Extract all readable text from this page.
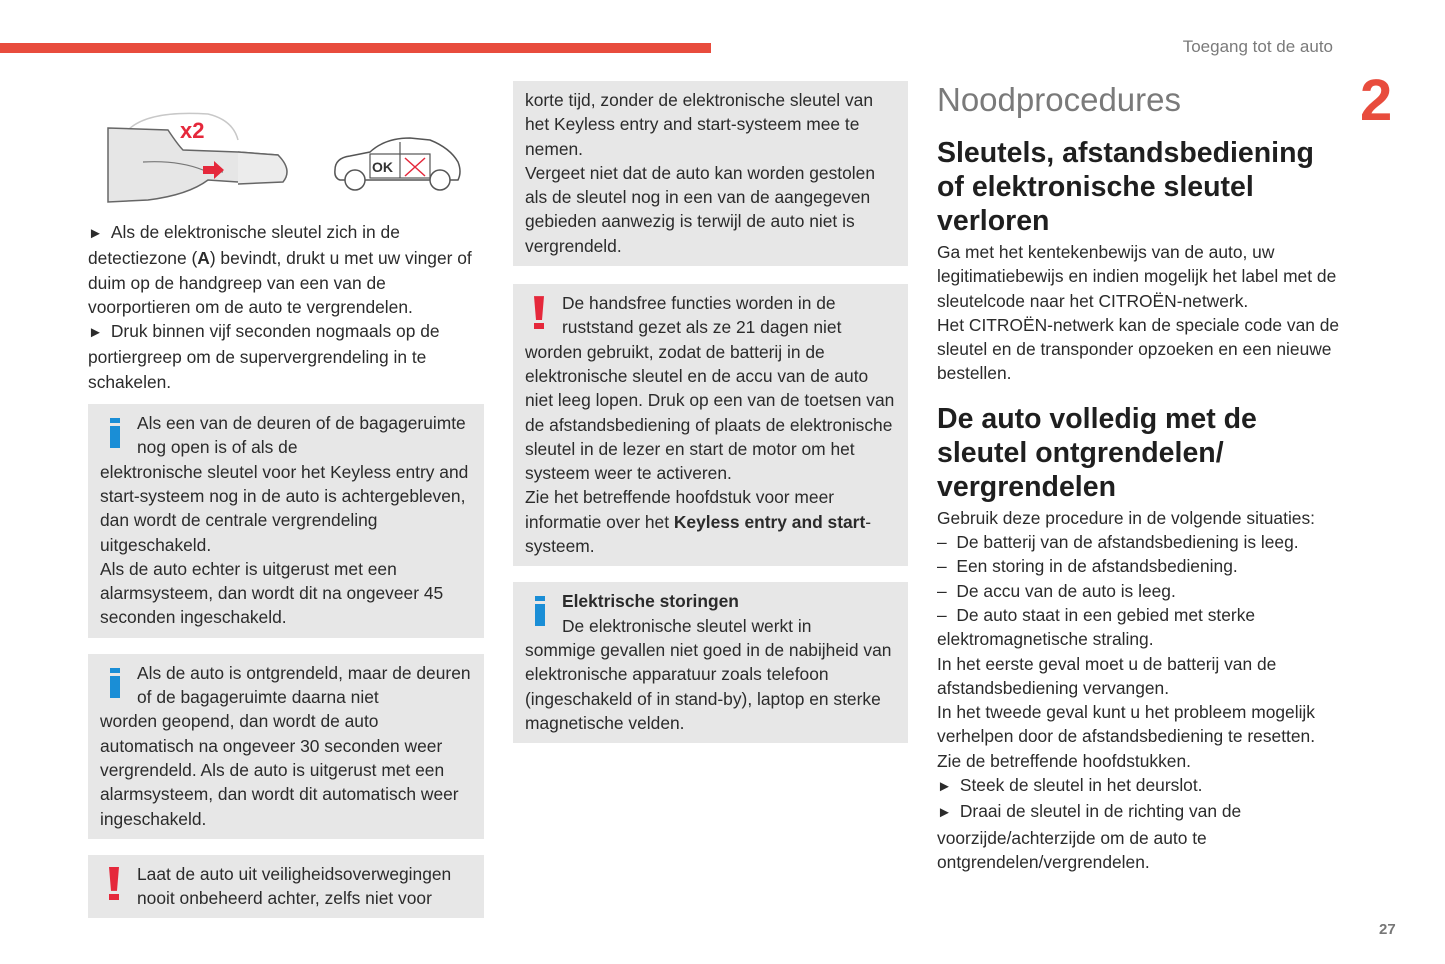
Toegang tot de auto
2
27
x2
OK

► Als de elektronische sleutel zich in de detectiezone (A) bevindt, drukt u met uw vinger of duim op de handgreep van een van de voorportieren om de auto te vergrendelen.

► Druk binnen vijf seconden nogmaals op de portiergreep om de supervergrendeling in te schakelen.

Als een van de deuren of de bagageruimte nog open is of als de

elektronische sleutel voor het Keyless entry and start-systeem nog in de auto is achtergebleven, dan wordt de centrale vergrendeling uitgeschakeld.

Als de auto echter is uitgerust met een alarmsysteem, dan wordt dit na ongeveer 45 seconden ingeschakeld.

Als de auto is ontgrendeld, maar de deuren of de bagageruimte daarna niet

worden geopend, dan wordt de auto automatisch na ongeveer 30 seconden weer vergrendeld. Als de auto is uitgerust met een alarmsysteem, dan wordt dit automatisch weer ingeschakeld.

Laat de auto uit veiligheidsoverwegingen nooit onbeheerd achter, zelfs niet voor

korte tijd, zonder de elektronische sleutel van het Keyless entry and start-systeem mee te nemen.

Vergeet niet dat de auto kan worden gestolen als de sleutel nog in een van de aangegeven gebieden aanwezig is terwijl de auto niet is vergrendeld.

De handsfree functies worden in de ruststand gezet als ze 21 dagen niet

worden gebruikt, zodat de batterij in de elektronische sleutel en de accu van de auto niet leeg lopen. Druk op een van de toetsen van de afstandsbediening of plaats de elektronische sleutel in de lezer en start de motor om het systeem weer te activeren.

Zie het betreffende hoofdstuk voor meer informatie over het Keyless entry and start-systeem.

Elektrische storingen

De elektronische sleutel werkt in

sommige gevallen niet goed in de nabijheid van elektronische apparatuur zoals telefoon (ingeschakeld of in stand-by), laptop en sterke magnetische velden.

Noodprocedures
Sleutels, afstandsbediening of elektronische sleutel verloren

Ga met het kentekenbewijs van de auto, uw legitimatiebewijs en indien mogelijk het label met de sleutelcode naar het CITROËN-netwerk.

Het CITROËN-netwerk kan de speciale code van de sleutel en de transponder opzoeken en een nieuwe bestellen.

De auto volledig met de sleutel ontgrendelen/ vergrendelen

Gebruik deze procedure in de volgende situaties:

–  De batterij van de afstandsbediening is leeg.

–  Een storing in de afstandsbediening.

–  De accu van de auto is leeg.

–  De auto staat in een gebied met sterke elektromagnetische straling.

In het eerste geval moet u de batterij van de afstandsbediening vervangen.

In het tweede geval kunt u het probleem mogelijk verhelpen door de afstandsbediening te resetten.

Zie de betreffende hoofdstukken.

► Steek de sleutel in het deurslot.

► Draai de sleutel in de richting van de voorzijde/achterzijde om de auto te ontgrendelen/vergrendelen.
